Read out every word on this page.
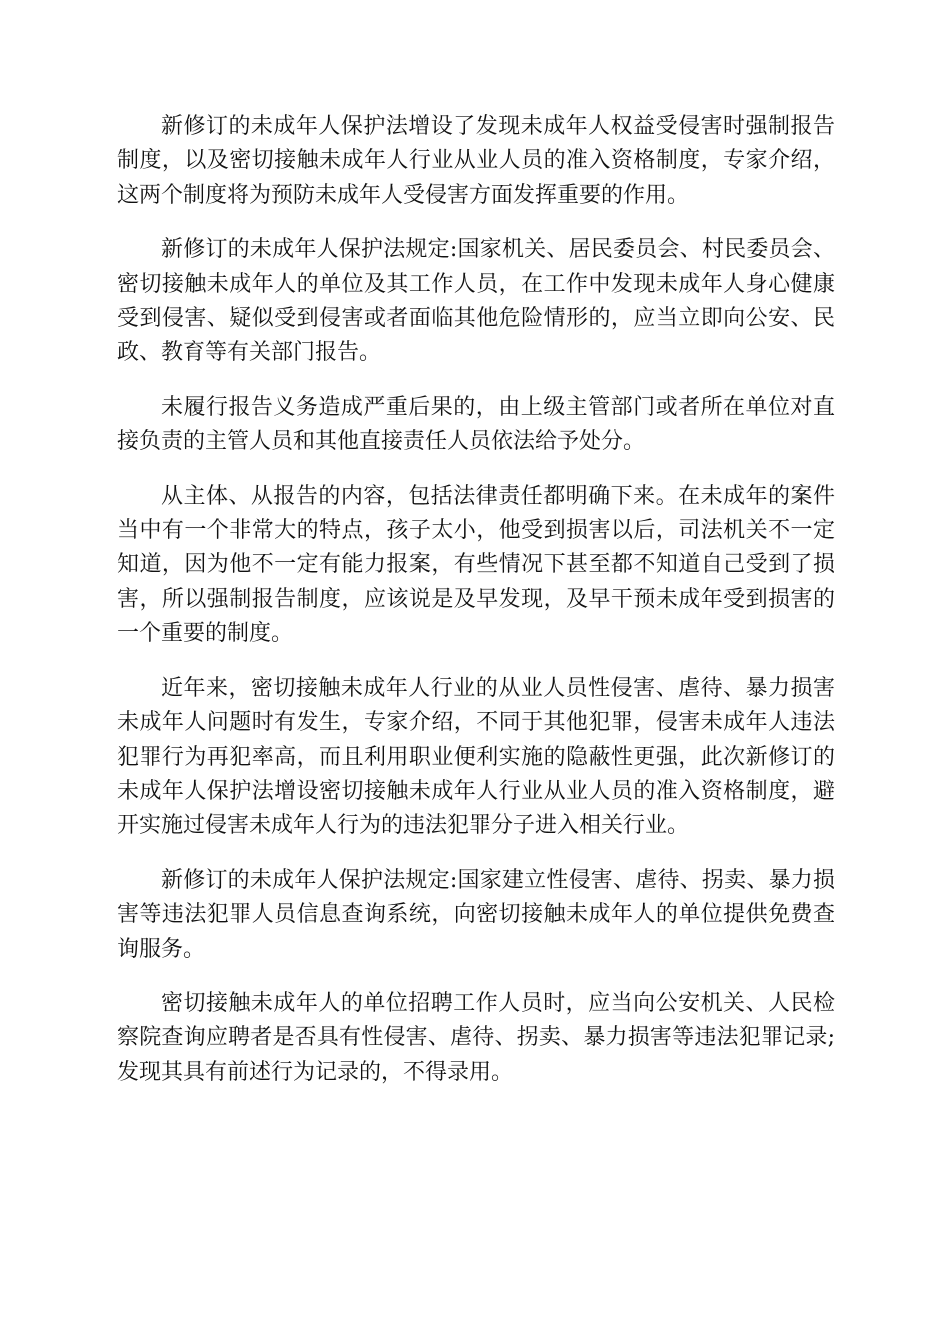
新修订的未成年人保护法增设了发现未成年人权益受侵害时强制报告制度，以及密切接触未成年人行业从业人员的准入资格制度，专家介绍，这两个制度将为预防未成年人受侵害方面发挥重要的作用。

新修订的未成年人保护法规定:国家机关、居民委员会、村民委员会、密切接触未成年人的单位及其工作人员，在工作中发现未成年人身心健康受到侵害、疑似受到侵害或者面临其他危险情形的，应当立即向公安、民政、教育等有关部门报告。

未履行报告义务造成严重后果的，由上级主管部门或者所在单位对直接负责的主管人员和其他直接责任人员依法给予处分。

从主体、从报告的内容，包括法律责任都明确下来。在未成年的案件当中有一个非常大的特点，孩子太小，他受到损害以后，司法机关不一定知道，因为他不一定有能力报案，有些情况下甚至都不知道自己受到了损害，所以强制报告制度，应该说是及早发现，及早干预未成年受到损害的一个重要的制度。

近年来，密切接触未成年人行业的从业人员性侵害、虐待、暴力损害未成年人问题时有发生，专家介绍，不同于其他犯罪，侵害未成年人违法犯罪行为再犯率高，而且利用职业便利实施的隐蔽性更强，此次新修订的未成年人保护法增设密切接触未成年人行业从业人员的准入资格制度，避开实施过侵害未成年人行为的违法犯罪分子进入相关行业。

新修订的未成年人保护法规定:国家建立性侵害、虐待、拐卖、暴力损害等违法犯罪人员信息查询系统，向密切接触未成年人的单位提供免费查询服务。

密切接触未成年人的单位招聘工作人员时，应当向公安机关、人民检察院查询应聘者是否具有性侵害、虐待、拐卖、暴力损害等违法犯罪记录;发现其具有前述行为记录的，不得录用。
